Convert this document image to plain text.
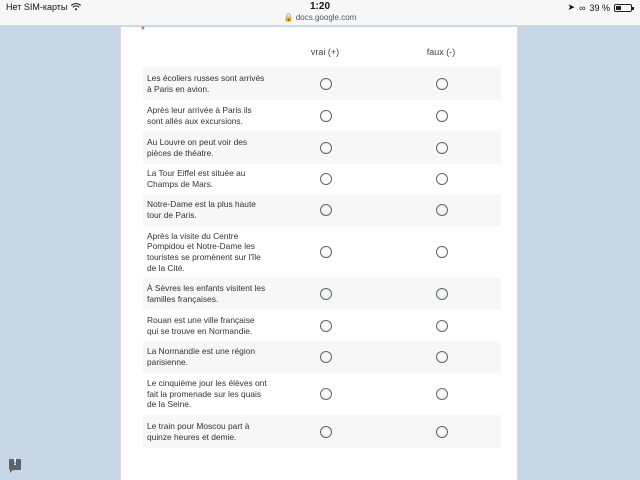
Нет SIM-карты	1:20
🔒 docs.google.com
➤ ∞ 39 %
*
vrai (+)	faux (-)
Les écoliers russes sont arrivés à Paris en avion.
Après leur arrivée à Paris ils sont allés aux excursions.
Au Louvre on peut voir des pièces de théatre.
La Tour Eiffel est située au Champs de Mars.
Notre-Dame est la plus haute tour de Paris.
Après la visite du Centre Pompidou et Notre-Dame les touristes se promènent sur l'île de la Cité.
À Sèvres les enfants visitent les familles françaises.
Rouan est une ville française qui se trouve en Normandie.
La Normandie est une région parisienne.
Le cinquième jour les élèves ont fait la promenade sur les quais de la Seine.
Le train pour Moscou part à quinze heures et demie.
!
